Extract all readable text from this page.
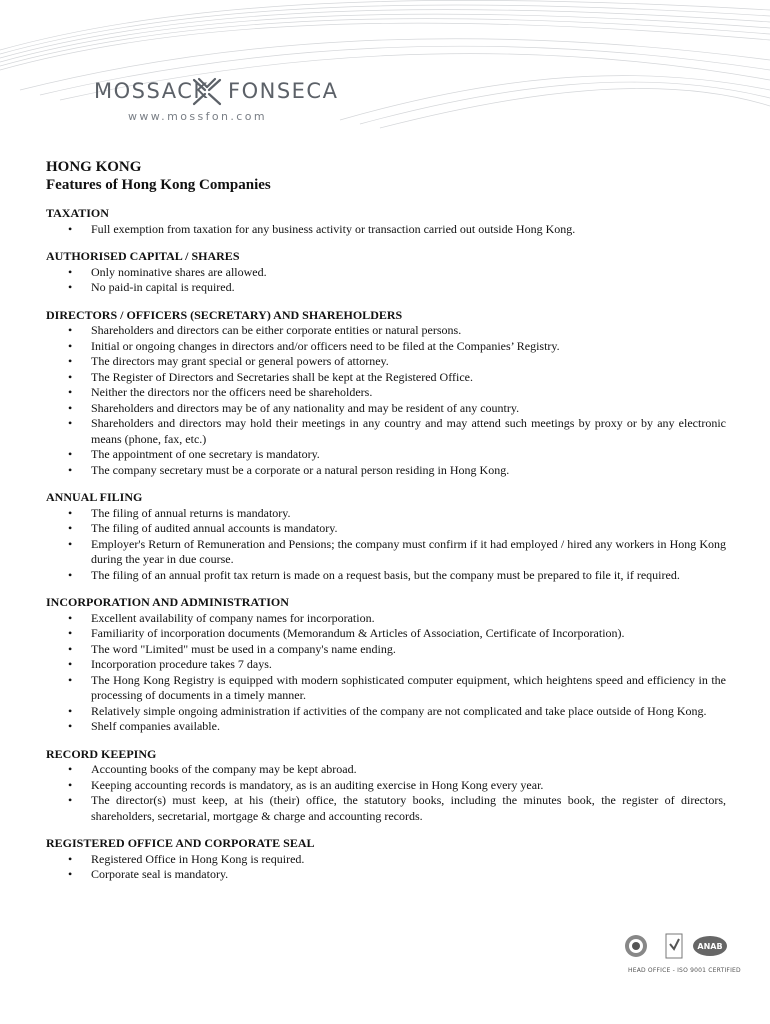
MOSSACK FONSECA
www.mossfon.com
HONG KONG
Features of Hong Kong Companies
TAXATION
• Full exemption from taxation for any business activity or transaction carried out outside Hong Kong.
AUTHORISED CAPITAL / SHARES
• Only nominative shares are allowed.
• No paid-in capital is required.
DIRECTORS / OFFICERS (SECRETARY) AND SHAREHOLDERS
• Shareholders and directors can be either corporate entities or natural persons.
• Initial or ongoing changes in directors and/or officers need to be filed at the Companies’ Registry.
• The directors may grant special or general powers of attorney.
• The Register of Directors and Secretaries shall be kept at the Registered Office.
• Neither the directors nor the officers need be shareholders.
• Shareholders and directors may be of any nationality and may be resident of any country.
• Shareholders and directors may hold their meetings in any country and may attend such meetings by proxy or by any electronic means (phone, fax, etc.)
• The appointment of one secretary is mandatory.
• The company secretary must be a corporate or a natural person residing in Hong Kong.
ANNUAL FILING
• The filing of annual returns is mandatory.
• The filing of audited annual accounts is mandatory.
• Employer's Return of Remuneration and Pensions; the company must confirm if it had employed / hired any workers in Hong Kong during the year in due course.
• The filing of an annual profit tax return is made on a request basis, but the company must be prepared to file it, if required.
INCORPORATION AND ADMINISTRATION
• Excellent availability of company names for incorporation.
• Familiarity of incorporation documents (Memorandum & Articles of Association, Certificate of Incorporation).
• The word "Limited" must be used in a company's name ending.
• Incorporation procedure takes 7 days.
• The Hong Kong Registry is equipped with modern sophisticated computer equipment, which heightens speed and efficiency in the processing of documents in a timely manner.
• Relatively simple ongoing administration if activities of the company are not complicated and take place outside of Hong Kong.
• Shelf companies available.
RECORD KEEPING
• Accounting books of the company may be kept abroad.
• Keeping accounting records is mandatory, as is an auditing exercise in Hong Kong every year.
• The director(s) must keep, at his (their) office, the statutory books, including the minutes book, the register of directors, shareholders, secretarial, mortgage & charge and accounting records.
REGISTERED OFFICE AND CORPORATE SEAL
• Registered Office in Hong Kong is required.
• Corporate seal is mandatory.
ANAB
HEAD OFFICE - ISO 9001 CERTIFIED
